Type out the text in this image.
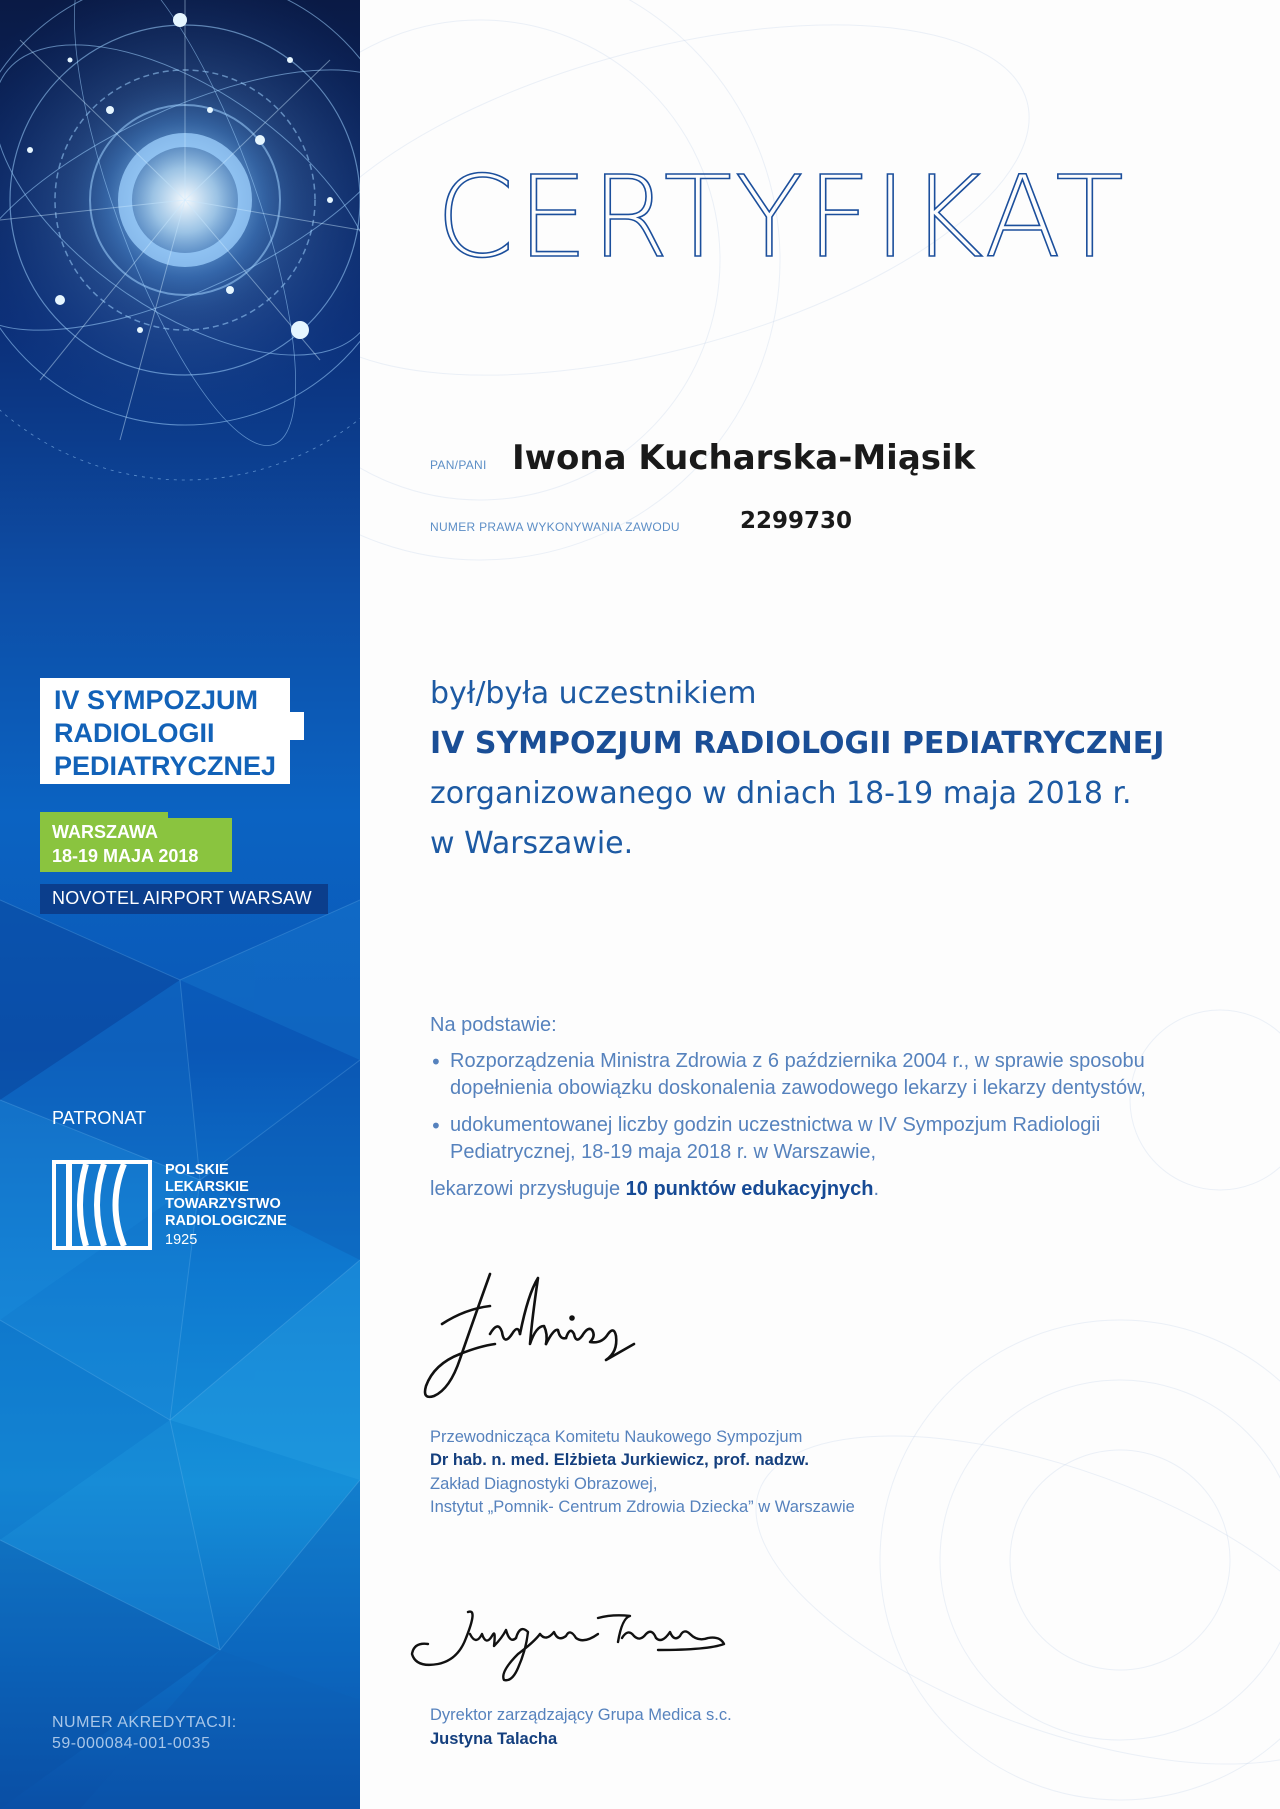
IV SYMPOZJUM
RADIOLOGII
PEDIATRYCZNEJ
WARSZAWA
18-19 MAJA 2018
NOVOTEL AIRPORT WARSAW
PATRONAT
POLSKIE
LEKARSKIE
TOWARZYSTWO
RADIOLOGICZNE
1925
NUMER AKREDYTACJI:
59-000084-001-0035
CERTYFIKAT
PAN/PANI Iwona Kucharska-Miąsik
NUMER PRAWA WYKONYWANIA ZAWODU	2299730
był/była uczestnikiem
IV SYMPOZJUM RADIOLOGII PEDIATRYCZNEJ
zorganizowanego w dniach 18-19 maja 2018 r.
w Warszawie.
Na podstawie:
• Rozporządzenia Ministra Zdrowia z 6 października 2004 r., w sprawie sposobu
dopełnienia obowiązku doskonalenia zawodowego lekarzy i lekarzy dentystów,
• udokumentowanej liczby godzin uczestnictwa w IV Sympozjum Radiologii
Pediatrycznej, 18-19 maja 2018 r. w Warszawie,
lekarzowi przysługuje 10 punktów edukacyjnych.
Przewodnicząca Komitetu Naukowego Sympozjum
Dr hab. n. med. Elżbieta Jurkiewicz, prof. nadzw.
Zakład Diagnostyki Obrazowej,
Instytut „Pomnik- Centrum Zdrowia Dziecka” w Warszawie
Dyrektor zarządzający Grupa Medica s.c.
Justyna Talacha
